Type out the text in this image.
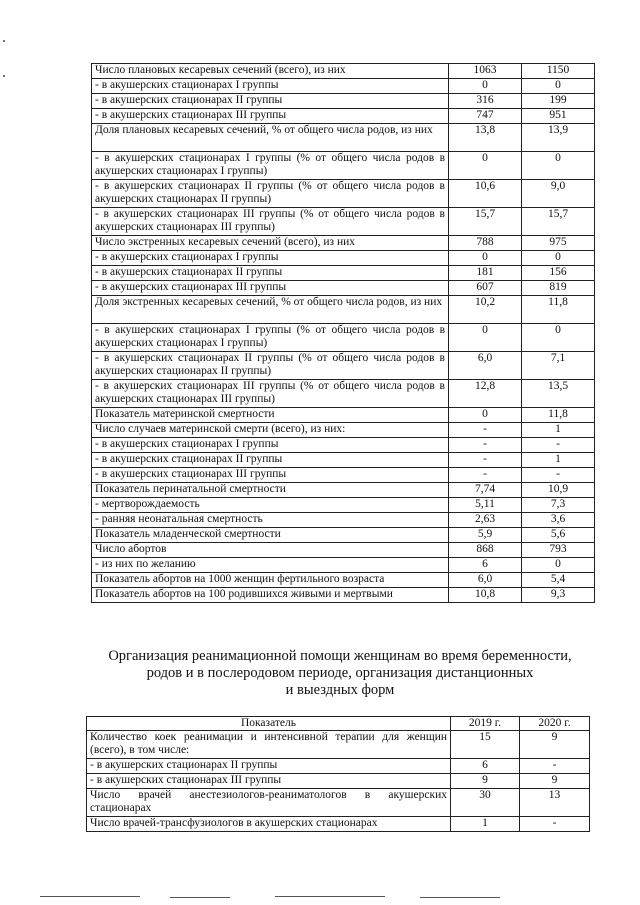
Число плановых кесаревых сечений (всего), из них	1063	1150
- в акушерских стационарах I группы	0	0
- в акушерских стационарах II группы	316	199
- в акушерских стационарах III группы	747	951
Доля плановых кесаревых сечений, % от общего числа родов, из них	13,8	13,9
- в акушерских стационарах I группы (% от общего числа родов в акушерских стационарах I группы)	0	0
- в акушерских стационарах II группы (% от общего числа родов в акушерских стационарах II группы)	10,6	9,0
- в акушерских стационарах III группы (% от общего числа родов в акушерских стационарах III группы)	15,7	15,7
Число экстренных кесаревых сечений (всего), из них	788	975
- в акушерских стационарах I группы	0	0
- в акушерских стационарах II группы	181	156
- в акушерских стационарах III группы	607	819
Доля экстренных кесаревых сечений, % от общего числа родов, из них	10,2	11,8
- в акушерских стационарах I группы (% от общего числа родов в акушерских стационарах I группы)	0	0
- в акушерских стационарах II группы (% от общего числа родов в акушерских стационарах II группы)	6,0	7,1
- в акушерских стационарах III группы (% от общего числа родов в акушерских стационарах III группы)	12,8	13,5
Показатель материнской смертности	0	11,8
Число случаев материнской смерти (всего), из них:	-	1
- в акушерских стационарах I группы	-	-
- в акушерских стационарах II группы	-	1
- в акушерских стационарах III группы	-	-
Показатель перинатальной смертности	7,74	10,9
- мертворождаемость	5,11	7,3
- ранняя неонатальная смертность	2,63	3,6
Показатель младенческой смертности	5,9	5,6
Число абортов	868	793
- из них по желанию	6	0
Показатель абортов на 1000 женщин фертильного возраста	6,0	5,4
Показатель абортов на 100 родившихся живыми и мертвыми	10,8	9,3
Организация реанимационной помощи женщинам во время беременности,
родов и в послеродовом периоде, организация дистанционных
и выездных форм
Показатель	2019 г.	2020 г.
Количество коек реанимации и интенсивной терапии для женщин (всего), в том числе:	15	9
- в акушерских стационарах II группы	6	-
- в акушерских стационарах III группы	9	9
Число врачей анестезиологов-реаниматологов в акушерских стационарах	30	13
Число врачей-трансфузиологов в акушерских стационарах	1	-
